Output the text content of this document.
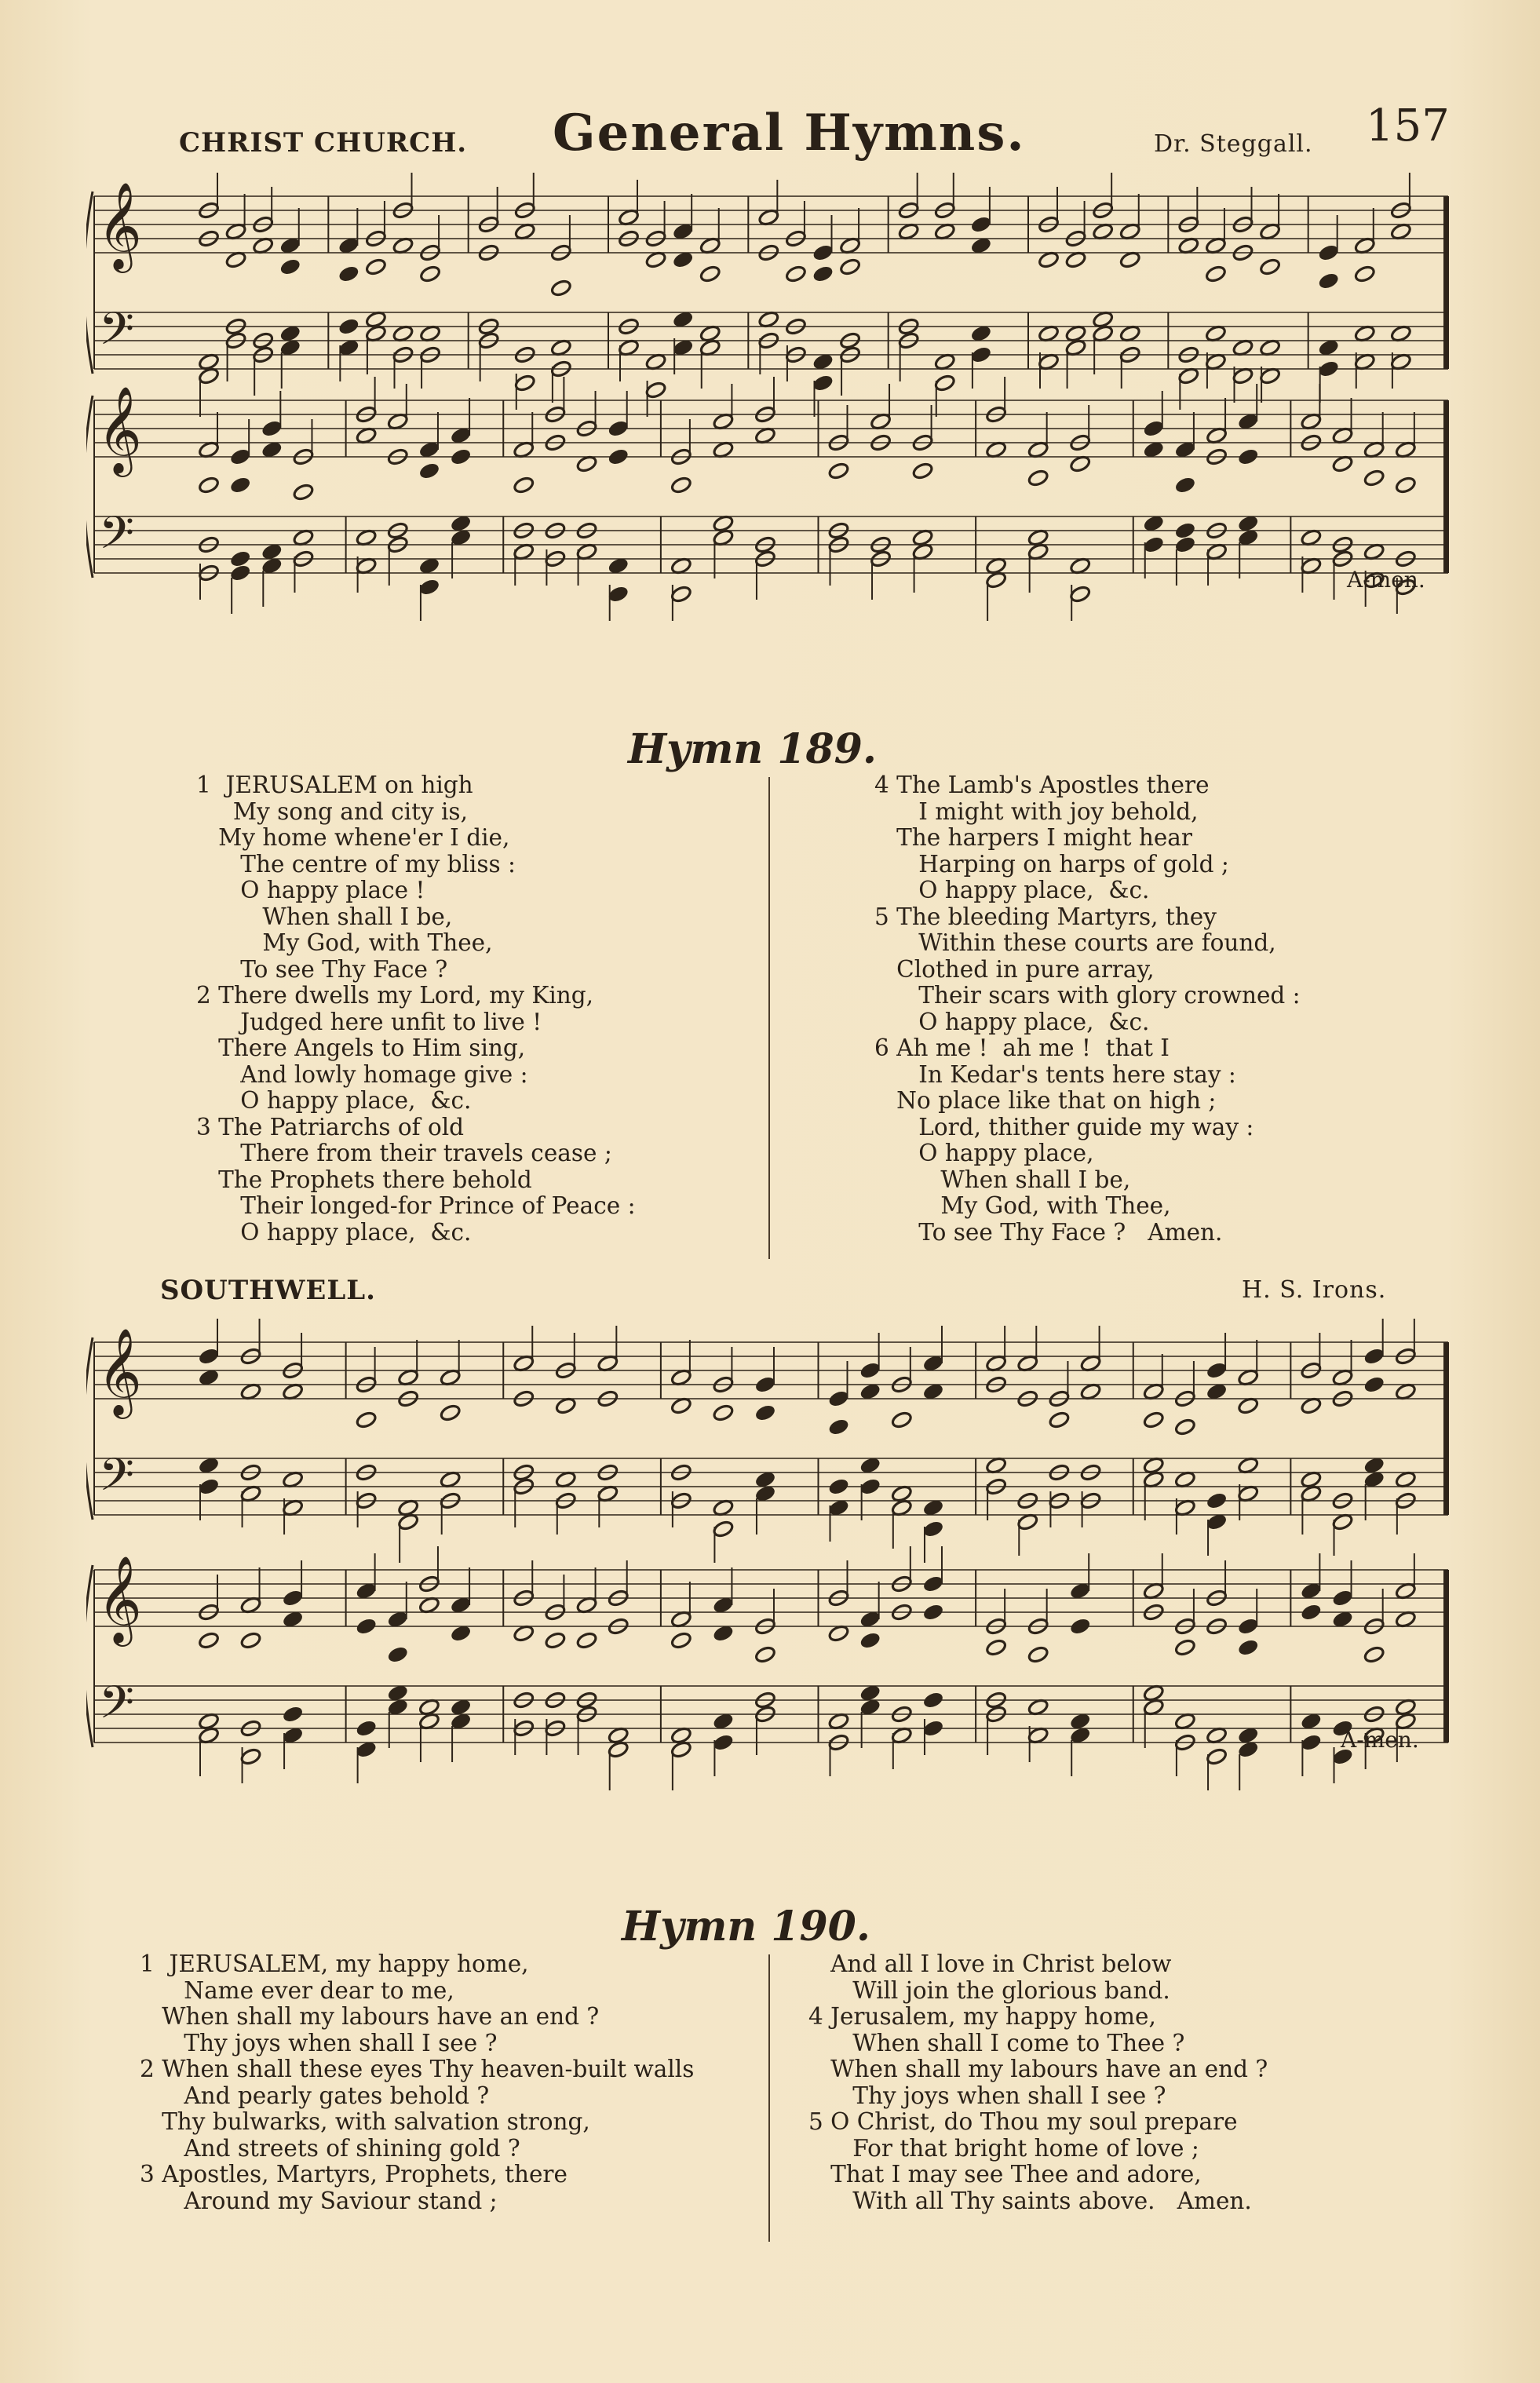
CHRIST CHURCH. General Hymns.	Dr. Steggall. 157
𝄞
𝄢
𝄞
𝄢
A-men.
Hymn 189.
1  JERUSALEM on high
My song and city is,
My home whene'er I die,
The centre of my bliss :
O happy place !
When shall I be,
My God, with Thee,
To see Thy Face ?
2 There dwells my Lord, my King,
Judged here unfit to live !
There Angels to Him sing,
And lowly homage give :
O happy place,  &c.
3 The Patriarchs of old
There from their travels cease ;
The Prophets there behold
Their longed-for Prince of Peace :
O happy place,  &c.
4 The Lamb's Apostles there
I might with joy behold,
The harpers I might hear
Harping on harps of gold ;
O happy place,  &c.
5 The bleeding Martyrs, they
Within these courts are found,
Clothed in pure array,
Their scars with glory crowned :
O happy place,  &c.
6 Ah me !  ah me !  that I
In Kedar's tents here stay :
No place like that on high ;
Lord, thither guide my way :
O happy place,
When shall I be,
My God, with Thee,
To see Thy Face ?   Amen.
SOUTHWELL.	H. S. Irons.
𝄞
𝄢
𝄞
𝄢	A-men.
Hymn 190.
1  JERUSALEM, my happy home,
Name ever dear to me,
When shall my labours have an end ?
Thy joys when shall I see ?
2 When shall these eyes Thy heaven-built walls
And pearly gates behold ?
Thy bulwarks, with salvation strong,
And streets of shining gold ?
3 Apostles, Martyrs, Prophets, there
Around my Saviour stand ;
And all I love in Christ below
Will join the glorious band.
4 Jerusalem, my happy home,
When shall I come to Thee ?
When shall my labours have an end ?
Thy joys when shall I see ?
5 O Christ, do Thou my soul prepare
For that bright home of love ;
That I may see Thee and adore,
With all Thy saints above.   Amen.
